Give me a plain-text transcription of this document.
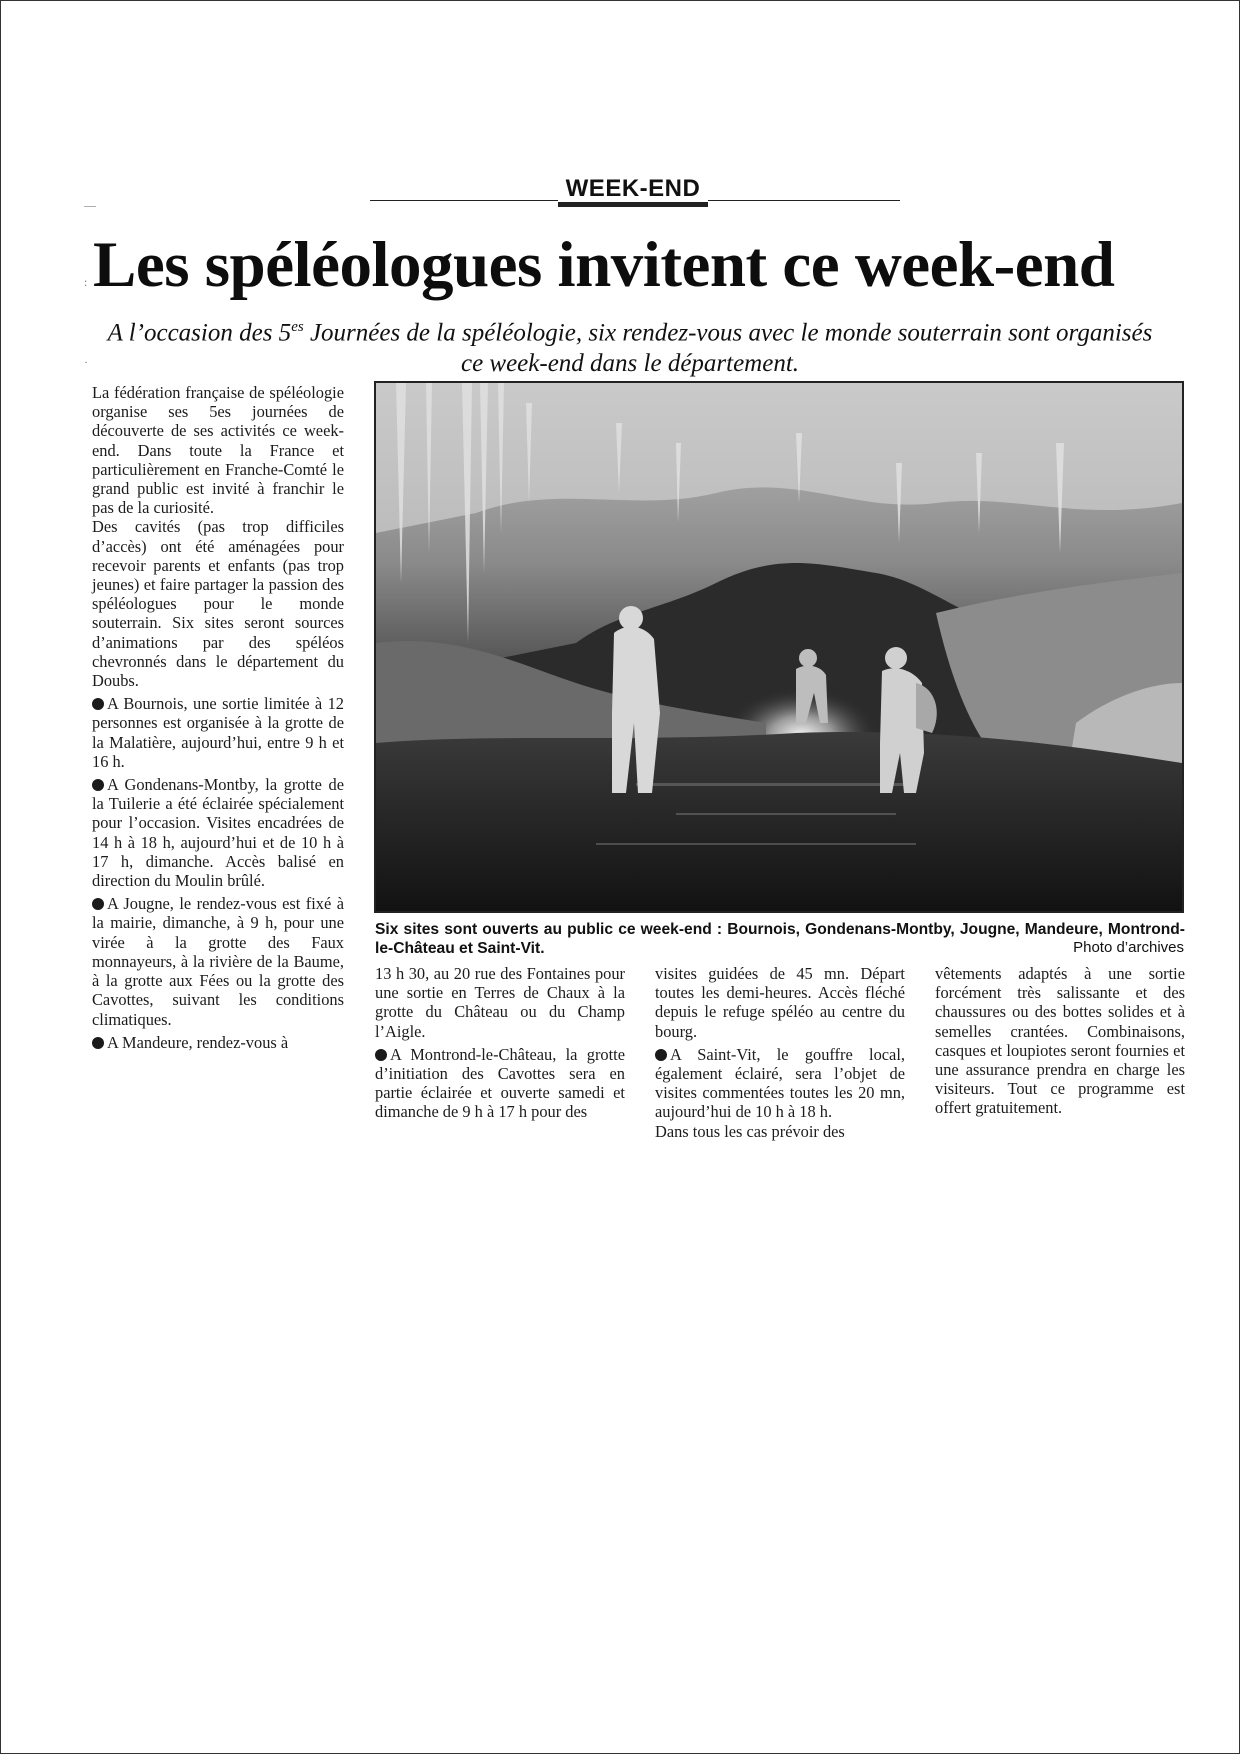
—
:
·
WEEK-END
Les spéléologues invitent ce week-end
A l’occasion des $5^{es}$ Journées de la spéléologie, six rendez-vous avec le monde souterrain sont organisés ce week-end dans le département.

La fédération française de spéléologie organise ses 5es journées de découverte de ses activités ce week-end. Dans toute la France et particulièrement en Franche-Comté le grand public est invité à franchir le pas de la curiosité.

Des cavités (pas trop difficiles d’accès) ont été aménagées pour recevoir parents et enfants (pas trop jeunes) et faire partager la passion des spéléologues pour le monde souterrain. Six sites seront sources d’animations par des spéléos chevronnés dans le département du Doubs.

A Bournois, une sortie limitée à 12 personnes est organisée à la grotte de la Malatière, aujourd’hui, entre 9 h et 16 h.

A Gondenans-Montby, la grotte de la Tuilerie a été éclairée spécialement pour l’occasion. Visites encadrées de 14 h à 18 h, aujourd’hui et de 10 h à 17 h, dimanche. Accès balisé en direction du Moulin brûlé.

A Jougne, le rendez-vous est fixé à la mairie, dimanche, à 9 h, pour une virée à la grotte des Faux monnayeurs, à la rivière de la Baume, à la grotte aux Fées ou la grotte des Cavottes, suivant les conditions climatiques.

A Mandeure, rendez-vous à

Six sites sont ouverts au public ce week-end : Bournois, Gondenans-Montby, Jougne, Mandeure, Montrond-le-Château et Saint-Vit.	Photo d’archives

13 h 30, au 20 rue des Fontaines pour une sortie en Terres de Chaux à la grotte du Château ou du Champ l’Aigle.

A Montrond-le-Château, la grotte d’initiation des Cavottes sera en partie éclairée et ouverte samedi et dimanche de 9 h à 17 h pour des

visites guidées de 45 mn. Départ toutes les demi-heures. Accès fléché depuis le refuge spéléo au centre du bourg.

A Saint-Vit, le gouffre local, également éclairé, sera l’objet de visites commentées toutes les 20 mn, aujourd’hui de 10 h à 18 h.

Dans tous les cas prévoir des

vêtements adaptés à une sortie forcément très salissante et des chaussures ou des bottes solides et à semelles crantées. Combinaisons, casques et loupiotes seront fournies et une assurance prendra en charge les visiteurs. Tout ce programme est offert gratuitement.
